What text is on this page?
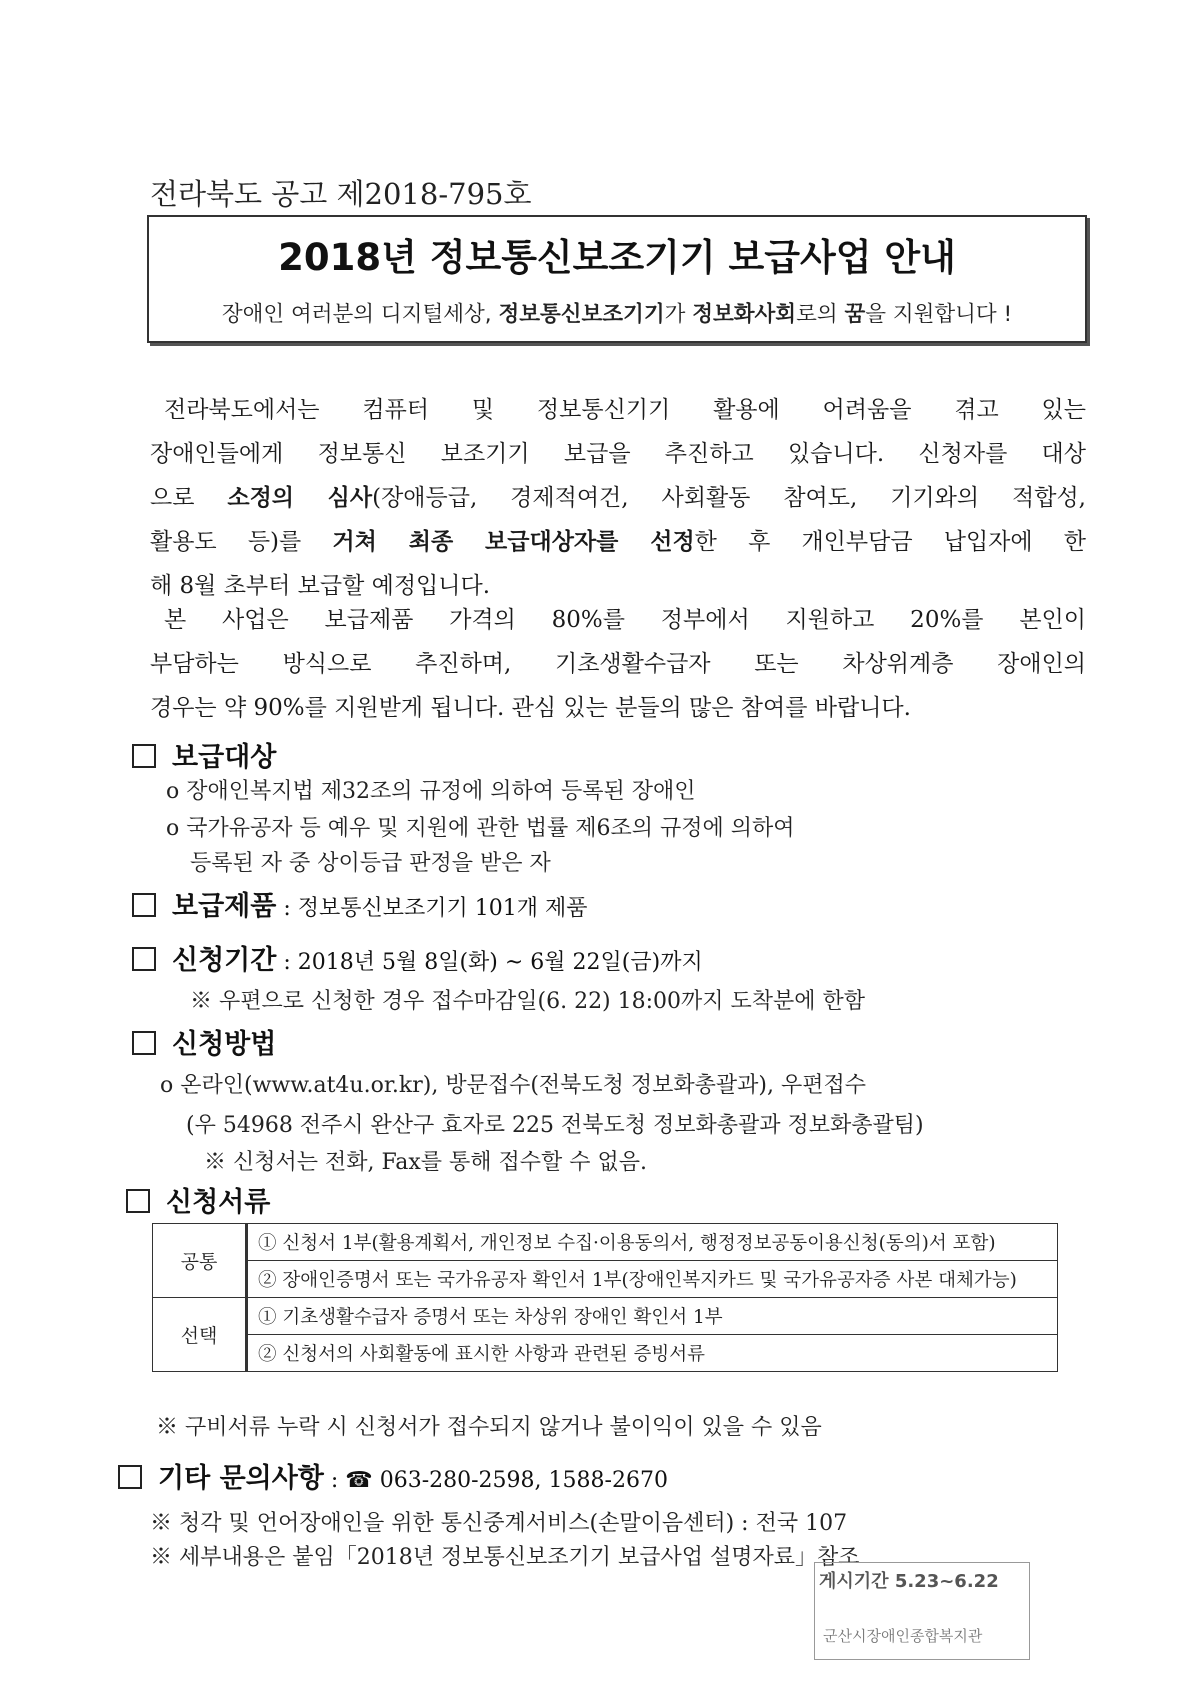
전라북도 공고 제2018-795호
2018년 정보통신보조기기 보급사업 안내
장애인 여러분의 디지털세상, 정보통신보조기기가 정보화사회로의 꿈을 지원합니다 !
전라북도에서는 컴퓨터 및 정보통신기기 활용에 어려움을 겪고 있는
장애인들에게 정보통신 보조기기 보급을 추진하고 있습니다. 신청자를 대상
으로 소정의 심사(장애등급, 경제적여건, 사회활동 참여도, 기기와의 적합성,
활용도 등)를 거쳐 최종 보급대상자를 선정한 후 개인부담금 납입자에 한
해 8월 초부터 보급할 예정입니다.
본 사업은 보급제품 가격의 80%를 정부에서 지원하고 20%를 본인이
부담하는 방식으로 추진하며, 기초생활수급자 또는 차상위계층 장애인의
경우는 약 90%를 지원받게 됩니다. 관심 있는 분들의 많은 참여를 바랍니다.
보급대상
o 장애인복지법 제32조의 규정에 의하여 등록된 장애인
o 국가유공자 등 예우 및 지원에 관한 법률 제6조의 규정에 의하여
등록된 자 중 상이등급 판정을 받은 자
보급제품 : 정보통신보조기기 101개 제품
신청기간 : 2018년 5월 8일(화) ~ 6월 22일(금)까지
※ 우편으로 신청한 경우 접수마감일(6. 22) 18:00까지 도착분에 한함
신청방법
o 온라인(www.at4u.or.kr), 방문접수(전북도청 정보화총괄과), 우편접수
(우 54968 전주시 완산구 효자로 225 전북도청 정보화총괄과 정보화총괄팀)
※ 신청서는 전화, Fax를 통해 접수할 수 없음.
신청서류
공통	① 신청서 1부(활용계획서, 개인정보 수집·이용동의서, 행정정보공동이용신청(동의)서 포함)
	② 장애인증명서 또는 국가유공자 확인서 1부(장애인복지카드 및 국가유공자증 사본 대체가능)
선택	① 기초생활수급자 증명서 또는 차상위 장애인 확인서 1부
	② 신청서의 사회활동에 표시한 사항과 관련된 증빙서류
※ 구비서류 누락 시 신청서가 접수되지 않거나 불이익이 있을 수 있음
기타 문의사항 : ☎ 063-280-2598, 1588-2670
※ 청각 및 언어장애인을 위한 통신중계서비스(손말이음센터) : 전국 107
※ 세부내용은 붙임「2018년 정보통신보조기기 보급사업 설명자료」참조
게시기간 5.23~6.22
군산시장애인종합복지관
